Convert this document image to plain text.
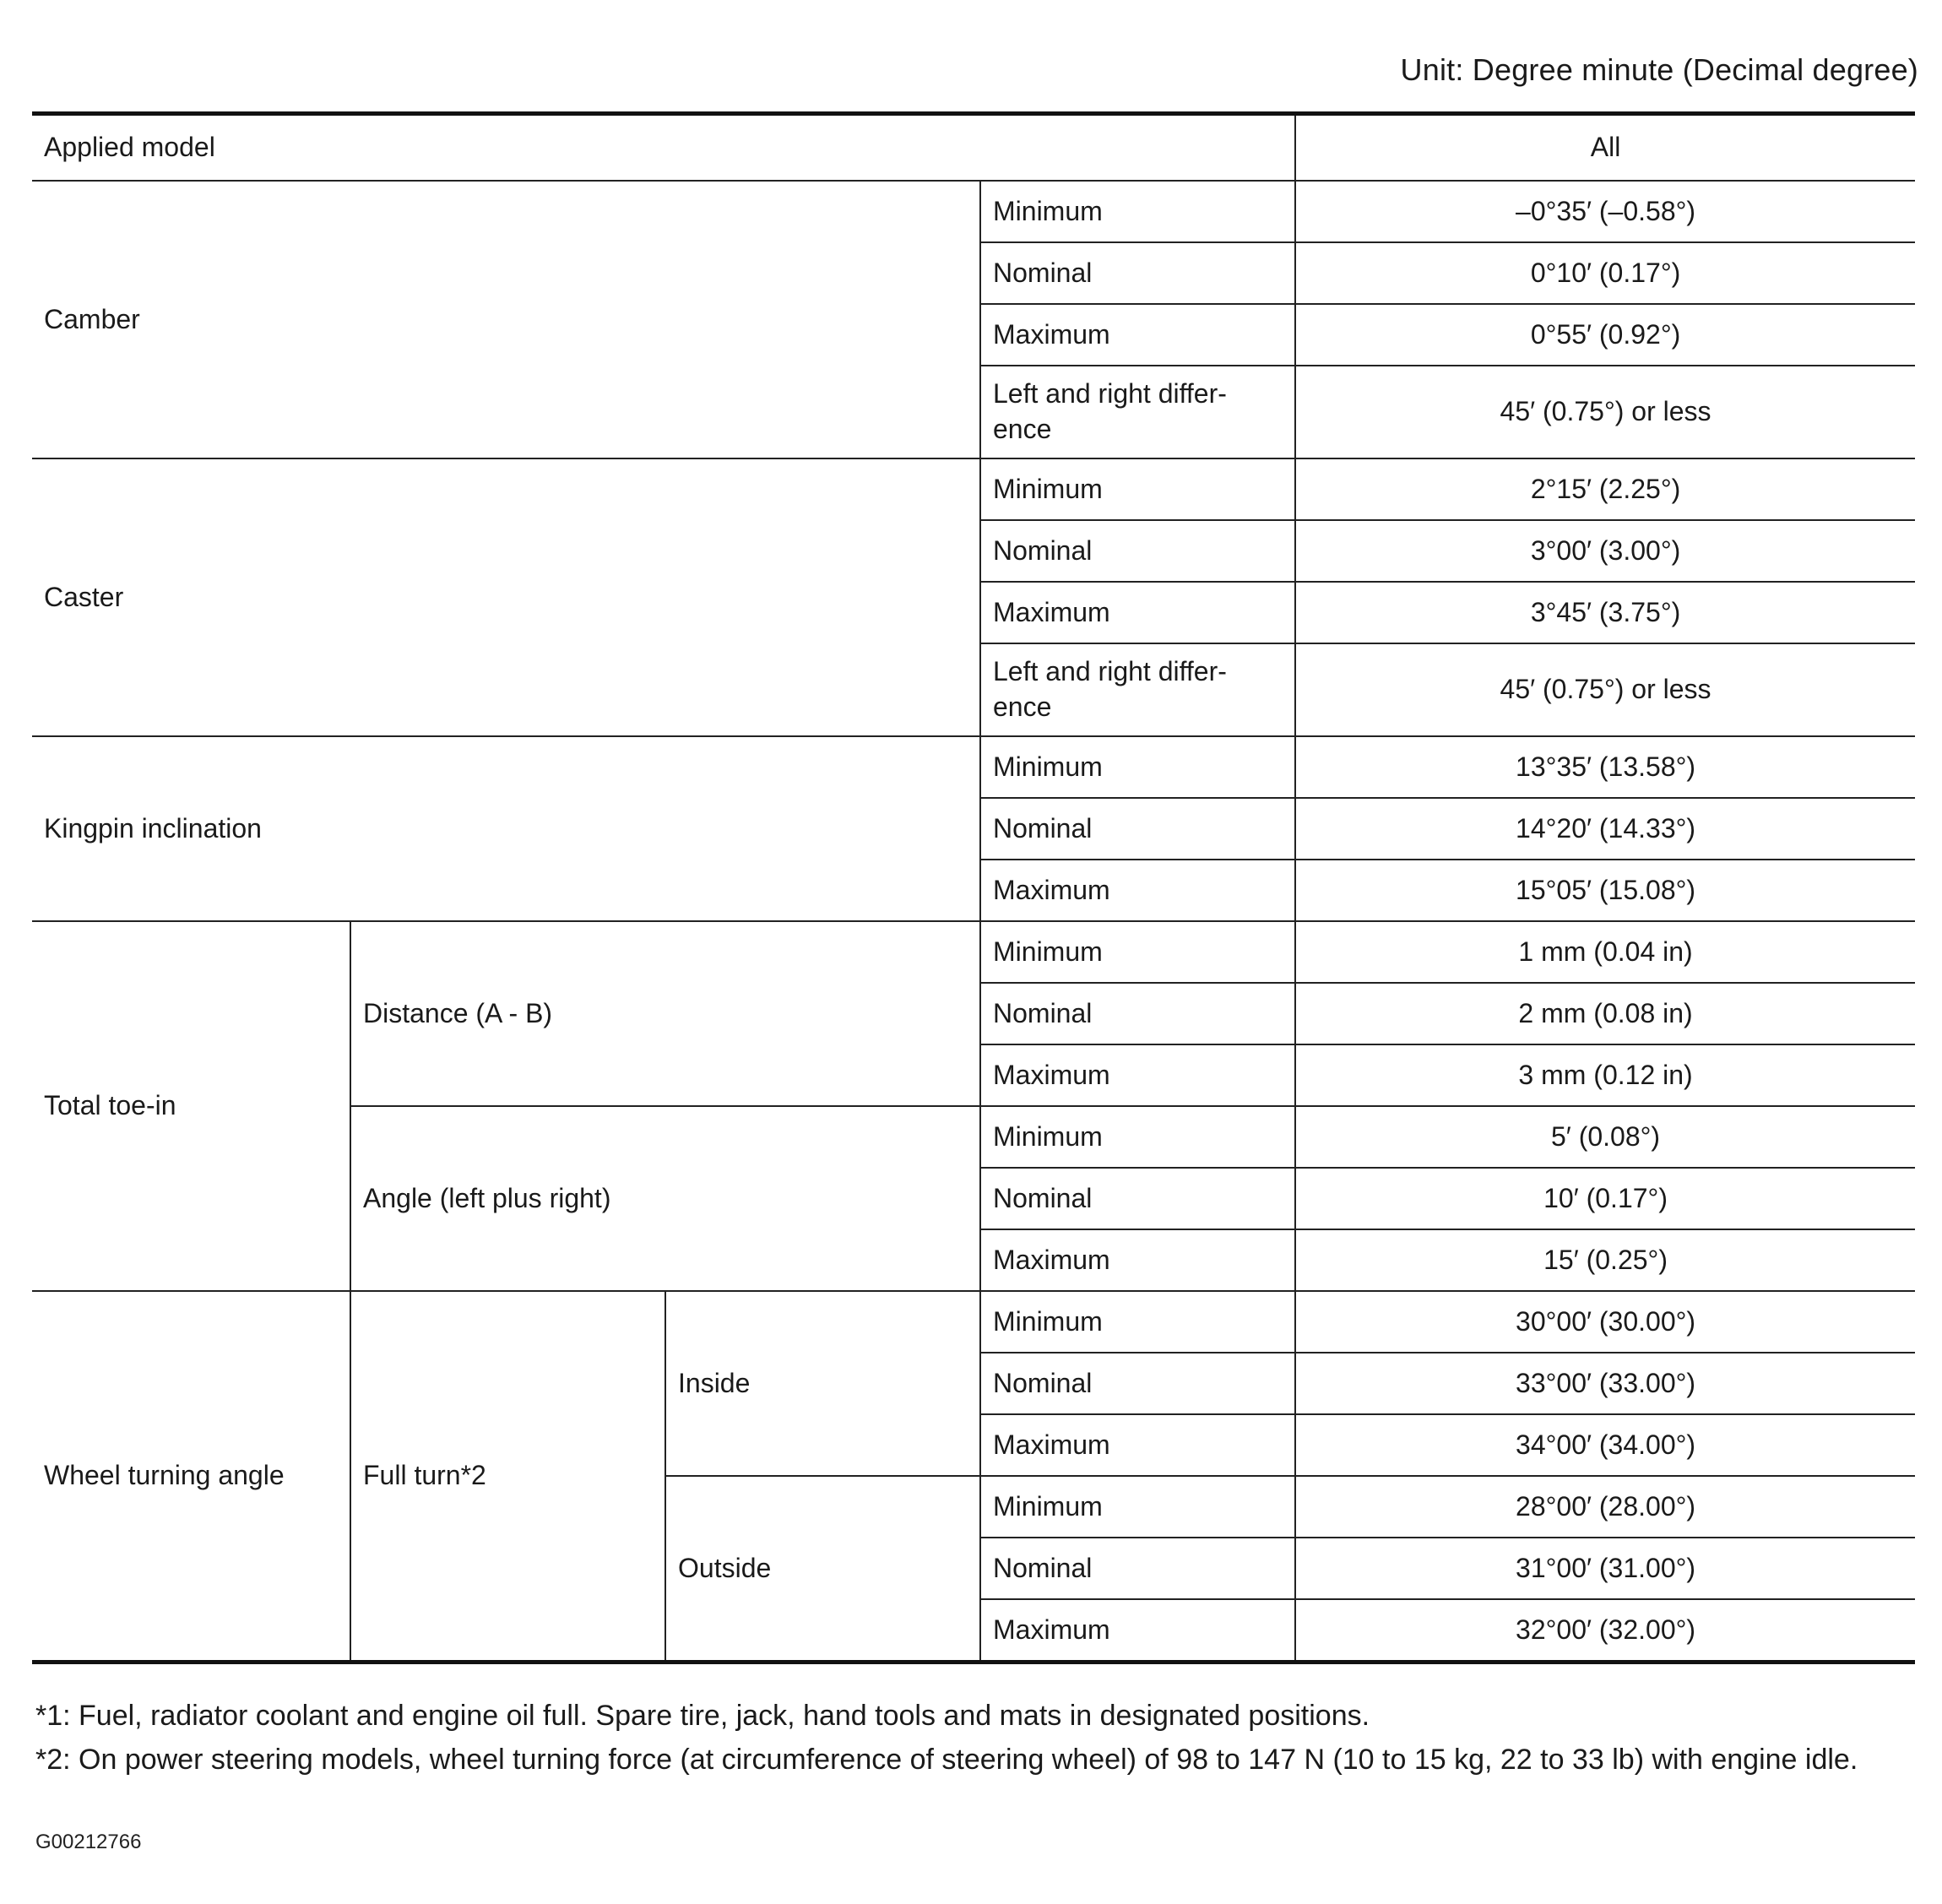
Unit: Degree minute (Decimal degree)
Applied model				All
Camber			Minimum	–0°35′ (–0.58°)
			Nominal	0°10′ (0.17°)
			Maximum	0°55′ (0.92°)
			Left and right differ-ence	45′ (0.75°) or less
Caster			Minimum	2°15′ (2.25°)
			Nominal	3°00′ (3.00°)
			Maximum	3°45′ (3.75°)
			Left and right differ-ence	45′ (0.75°) or less
Kingpin inclination			Minimum	13°35′ (13.58°)
			Nominal	14°20′ (14.33°)
			Maximum	15°05′ (15.08°)
Total toe-in	Distance (A - B)		Minimum	1 mm (0.04 in)
			Nominal	2 mm (0.08 in)
			Maximum	3 mm (0.12 in)
	Angle (left plus right)		Minimum	5′ (0.08°)
			Nominal	10′ (0.17°)
			Maximum	15′ (0.25°)
Wheel turning angle	Full turn*2	Inside	Minimum	30°00′ (30.00°)
			Nominal	33°00′ (33.00°)
			Maximum	34°00′ (34.00°)
		Outside	Minimum	28°00′ (28.00°)
			Nominal	31°00′ (31.00°)
			Maximum	32°00′ (32.00°)

*1: Fuel, radiator coolant and engine oil full. Spare tire, jack, hand tools and mats in designated positions.

*2: On power steering models, wheel turning force (at circumference of steering wheel) of 98 to 147 N (10 to 15 kg, 22 to 33 lb) with engine idle.

G00212766
